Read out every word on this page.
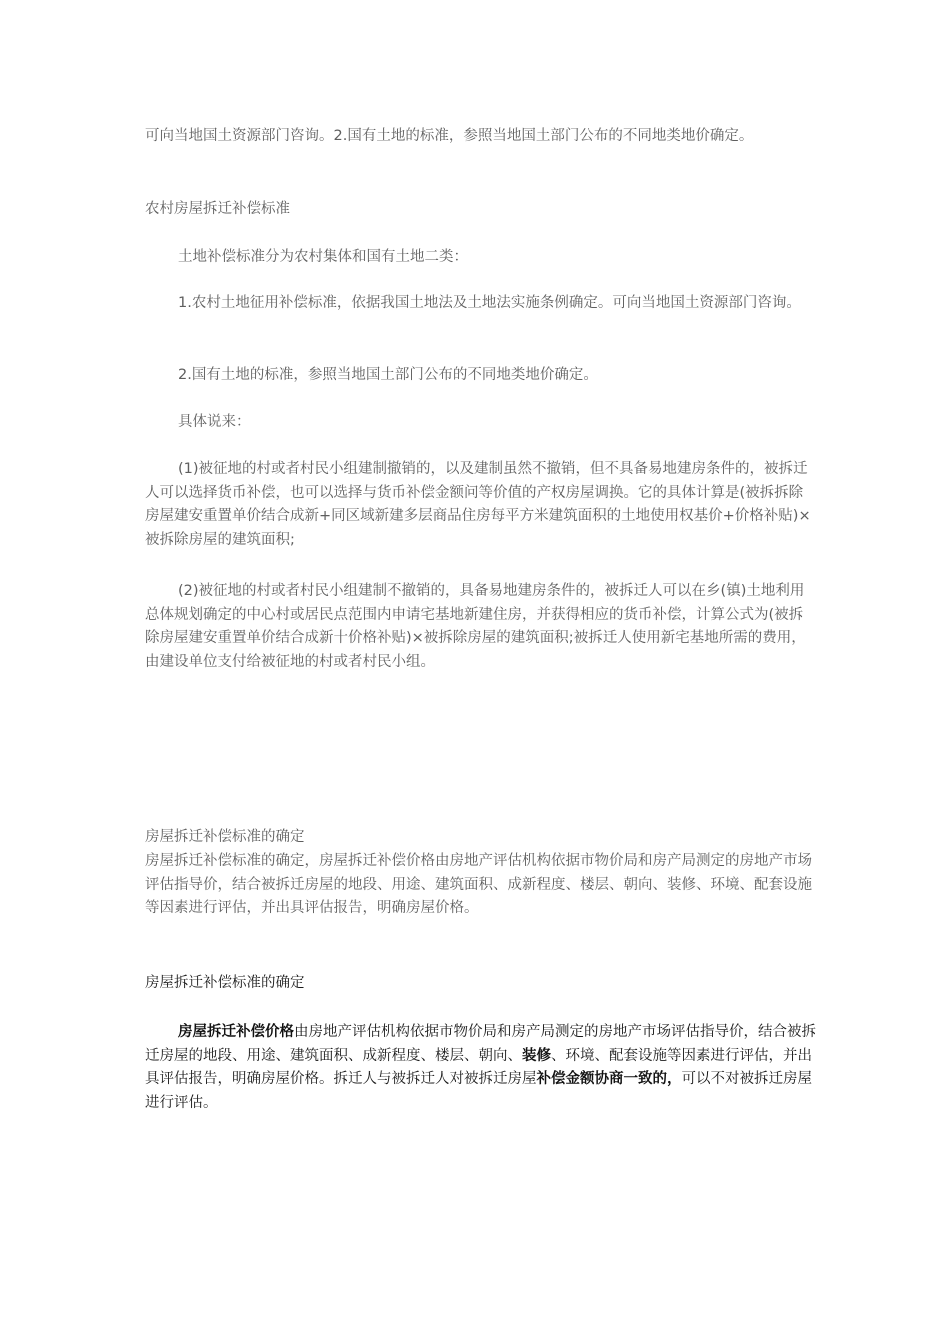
可向当地国土资源部门咨询。2.国有土地的标准，参照当地国土部门公布的不同地类地价确定。

农村房屋拆迁补偿标准

土地补偿标准分为农村集体和国有土地二类：

1.农村土地征用补偿标准，依据我国土地法及土地法实施条例确定。可向当地国土资源部门咨询。

2.国有土地的标准，参照当地国土部门公布的不同地类地价确定。

具体说来：

(1)被征地的村或者村民小组建制撤销的，以及建制虽然不撤销，但不具备易地建房条件的，被拆迁人可以选择货币补偿，也可以选择与货币补偿金额问等价值的产权房屋调换。它的具体计算是(被拆拆除房屋建安重置单价结合成新+同区域新建多层商品住房每平方米建筑面积的土地使用权基价+价格补贴)×被拆除房屋的建筑面积;

(2)被征地的村或者村民小组建制不撤销的，具备易地建房条件的，被拆迁人可以在乡(镇)土地利用总体规划确定的中心村或居民点范围内申请宅基地新建住房，并获得相应的货币补偿，计算公式为(被拆除房屋建安重置单价结合成新十价格补贴)×被拆除房屋的建筑面积;被拆迁人使用新宅基地所需的费用，由建设单位支付给被征地的村或者村民小组。

房屋拆迁补偿标准的确定

房屋拆迁补偿标准的确定，房屋拆迁补偿价格由房地产评估机构依据市物价局和房产局测定的房地产市场评估指导价，结合被拆迁房屋的地段、用途、建筑面积、成新程度、楼层、朝向、装修、环境、配套设施等因素进行评估，并出具评估报告，明确房屋价格。

房屋拆迁补偿标准的确定

房屋拆迁补偿价格由房地产评估机构依据市物价局和房产局测定的房地产市场评估指导价，结合被拆迁房屋的地段、用途、建筑面积、成新程度、楼层、朝向、装修、环境、配套设施等因素进行评估，并出具评估报告，明确房屋价格。拆迁人与被拆迁人对被拆迁房屋补偿金额协商一致的，可以不对被拆迁房屋进行评估。
